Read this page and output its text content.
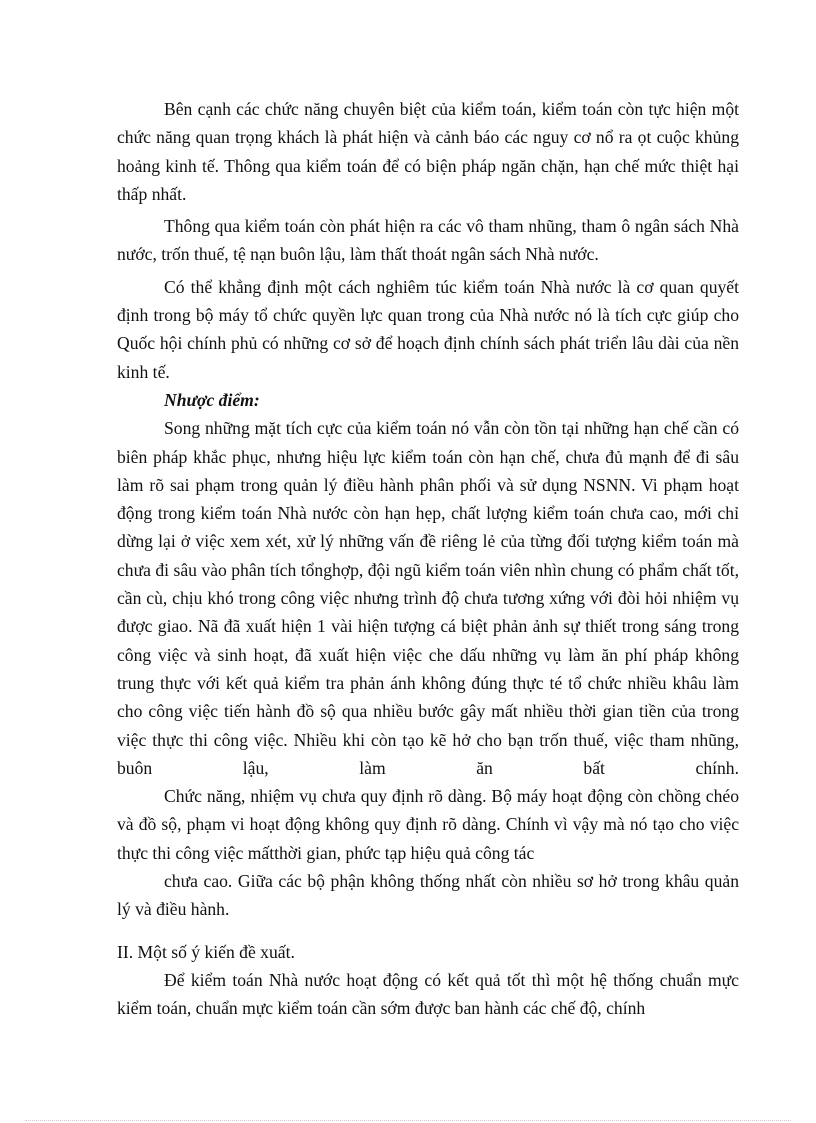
Bên cạnh các chức năng chuyên biệt của kiểm toán, kiểm toán còn tực hiện một chức năng quan trọng khách là phát hiện và cảnh báo các nguy cơ nổ ra ọt cuộc khủng hoảng kinh tế. Thông qua kiểm toán để có biện pháp ngăn chặn, hạn chế mức thiệt hại thấp nhất.

Thông qua kiểm toán còn phát hiện ra các vô tham nhũng, tham ô ngân sách Nhà nước, trốn thuế, tệ nạn buôn lậu, làm thất thoát ngân sách Nhà nước.

Có thể khẳng định một cách nghiêm túc kiểm toán Nhà nước là cơ quan quyết định trong bộ máy tổ chức quyền lực quan trong của Nhà nước nó là tích cực giúp cho Quốc hội chính phủ có những cơ sở để hoạch định chính sách phát triển lâu dài của nền kinh tế.

Nhược điểm:

Song những mặt tích cực của kiểm toán nó vẫn còn tồn tại những hạn chế cần có biên pháp khắc phục, nhưng hiệu lực kiểm toán còn hạn chế, chưa đủ mạnh để đi sâu làm rõ sai phạm trong quản lý điều hành phân phối và sử dụng NSNN. Vi phạm hoạt động trong kiểm toán Nhà nước còn hạn hẹp, chất lượng kiểm toán chưa cao, mới chỉ dừng lại ở việc xem xét, xử lý những vấn đề riêng lẻ của từng đối tượng kiểm toán mà chưa đi sâu vào phân tích tổnghợp, đội ngũ kiểm toán viên nhìn chung có phẩm chất tốt, cần cù, chịu khó trong công việc nhưng trình độ chưa tương xứng với đòi hỏi nhiệm vụ được giao. Nã đã xuất hiện 1 vài hiện tượng cá biệt phản ảnh sự thiết trong sáng trong công việc và sinh hoạt, đã xuất hiện việc che dấu những vụ làm ăn phí pháp không trung thực với kết quả kiểm tra phản ánh không đúng thực té tổ chức nhiều khâu làm cho công việc tiến hành đồ sộ qua nhiều bước gây mất nhiều thời gian tiền của trong việc thực thi công việc. Nhiều khi còn tạo kẽ hở cho bạn trốn thuế, việc tham nhũng, buôn lậu, làm ăn bất chính.

Chức năng, nhiệm vụ chưa quy định rõ dàng. Bộ máy hoạt động còn chồng chéo và đồ sộ, phạm vi hoạt động không quy định rõ dàng. Chính vì vậy mà nó tạo cho việc thực thi công việc mấtthời gian, phức tạp hiệu quả công tác

chưa cao. Giữa các bộ phận không thống nhất còn nhiều sơ hở trong khâu quản lý và điều hành.

II. Một số ý kiến đề xuất.

Để kiểm toán Nhà nước hoạt động có kết quả tốt thì một hệ thống chuẩn mực kiểm toán, chuẩn mực kiểm toán cần sớm được ban hành các chế độ, chính
